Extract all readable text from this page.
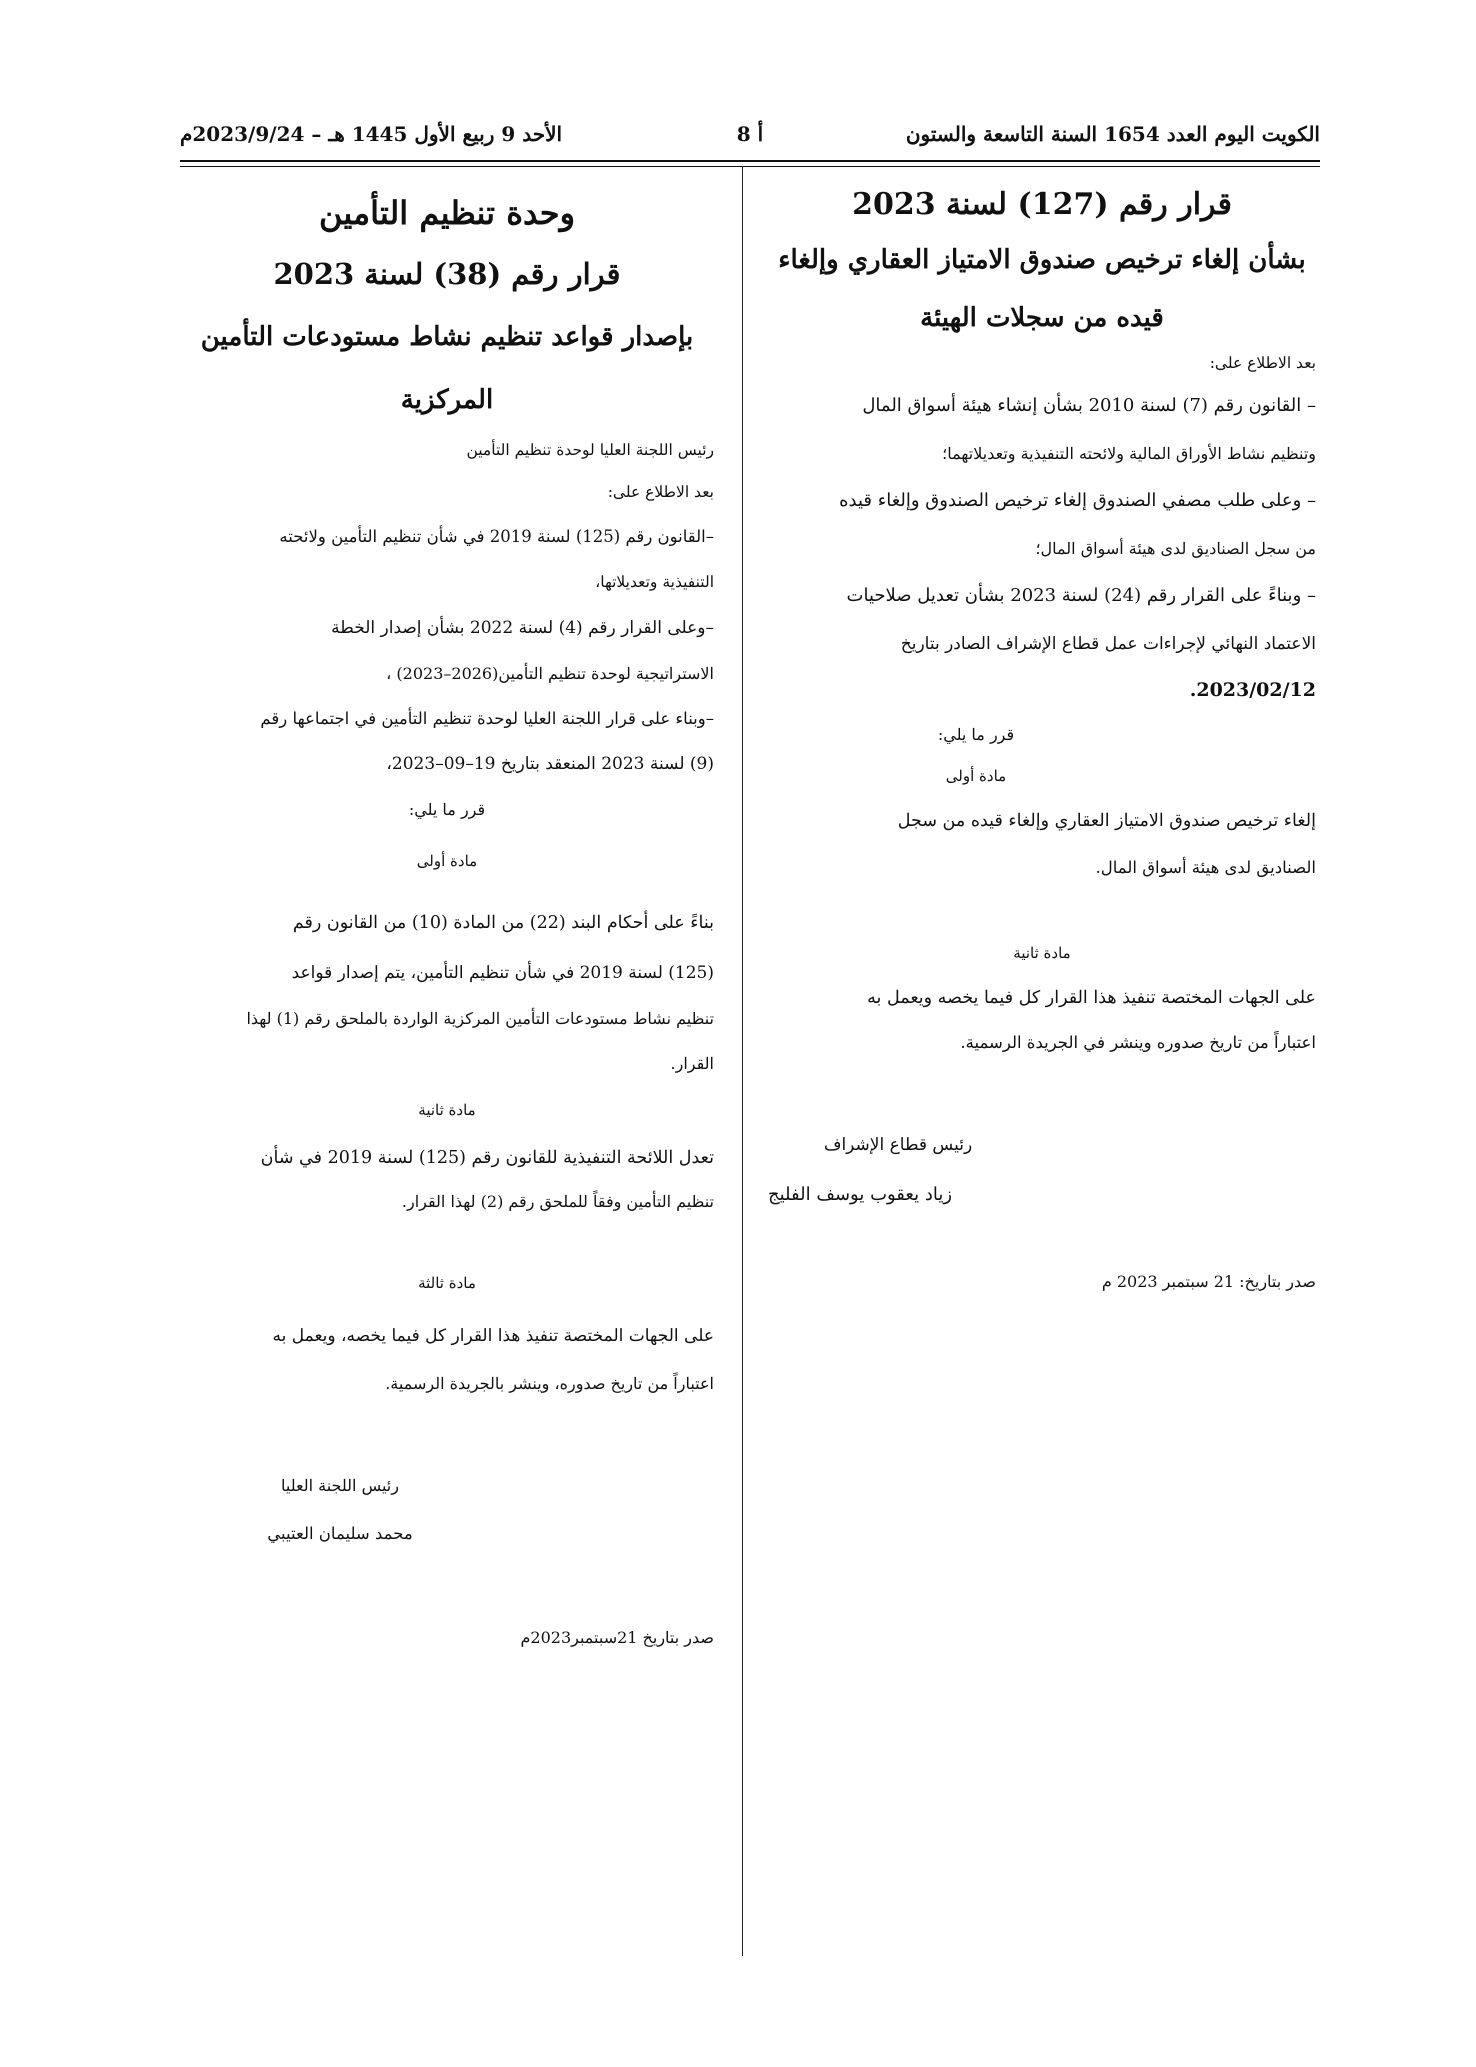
الكويت اليوم العدد 1654 السنة التاسعة والستون
أ 8
الأحد 9 ربيع الأول 1445 هـ – 2023/9/24م
قرار رقم (127) لسنة 2023
بشأن إلغاء ترخيص صندوق الامتياز العقاري وإلغاء
قيده من سجلات الهيئة
بعد الاطلاع على:
– القانون رقم (7) لسنة 2010 بشأن إنشاء هيئة أسواق المال
وتنظيم نشاط الأوراق المالية ولائحته التنفيذية وتعديلاتهما؛
– وعلى طلب مصفي الصندوق إلغاء ترخيص الصندوق وإلغاء قيده
من سجل الصناديق لدى هيئة أسواق المال؛
– وبناءً على القرار رقم (24) لسنة 2023 بشأن تعديل صلاحيات
الاعتماد النهائي لإجراءات عمل قطاع الإشراف الصادر بتاريخ
2023/02/12.
قرر ما يلي:
مادة أولى
إلغاء ترخيص صندوق الامتياز العقاري وإلغاء قيده من سجل
الصناديق لدى هيئة أسواق المال.
مادة ثانية
على الجهات المختصة تنفيذ هذا القرار كل فيما يخصه ويعمل به
اعتباراً من تاريخ صدوره وينشر في الجريدة الرسمية.
رئيس قطاع الإشراف
زياد يعقوب يوسف الفليج
صدر بتاريخ: 21 سبتمبر 2023 م
وحدة تنظيم التأمين
قرار رقم (38) لسنة 2023
بإصدار قواعد تنظيم نشاط مستودعات التأمين
المركزية
رئيس اللجنة العليا لوحدة تنظيم التأمين
بعد الاطلاع على:
–القانون رقم (125) لسنة 2019 في شأن تنظيم التأمين ولائحته
التنفيذية وتعديلاتها،
–وعلى القرار رقم (4) لسنة 2022 بشأن إصدار الخطة
الاستراتيجية لوحدة تنظيم التأمين(2026–2023) ،
–وبناء على قرار اللجنة العليا لوحدة تنظيم التأمين في اجتماعها رقم
(9) لسنة 2023 المنعقد بتاريخ 19–09–2023،
قرر ما يلي:
مادة أولى
بناءً على أحكام البند (22) من المادة (10) من القانون رقم
(125) لسنة 2019 في شأن تنظيم التأمين، يتم إصدار قواعد
تنظيم نشاط مستودعات التأمين المركزية الواردة بالملحق رقم (1) لهذا
القرار.
مادة ثانية
تعدل اللائحة التنفيذية للقانون رقم (125) لسنة 2019 في شأن
تنظيم التأمين وفقاً للملحق رقم (2) لهذا القرار.
مادة ثالثة
على الجهات المختصة تنفيذ هذا القرار كل فيما يخصه، ويعمل به
اعتباراً من تاريخ صدوره، وينشر بالجريدة الرسمية.
رئيس اللجنة العليا
محمد سليمان العتيبي
صدر بتاريخ 21سبتمبر2023م
